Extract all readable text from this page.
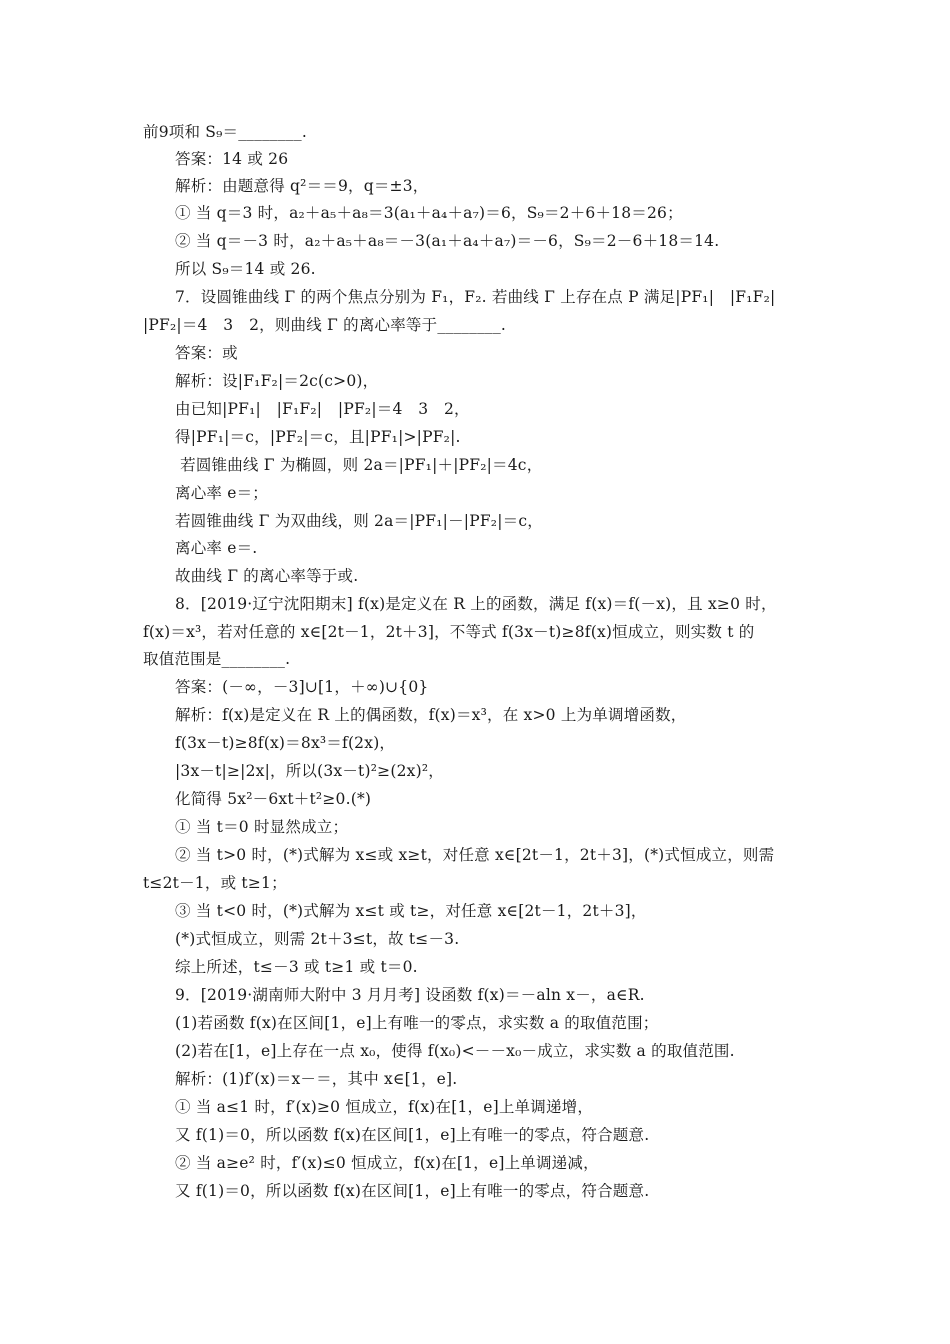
前9项和 S₉＝________.
答案：14 或 26
解析：由题意得 q²＝＝9，q＝±3，
① 当 q＝3 时，a₂＋a₅＋a₈＝3(a₁＋a₄＋a₇)＝6，S₉＝2＋6＋18＝26；
② 当 q＝－3 时，a₂＋a₅＋a₈＝－3(a₁＋a₄＋a₇)＝－6，S₉＝2－6＋18＝14.
所以 S₉＝14 或 26.
7．设圆锥曲线 Γ 的两个焦点分别为 F₁，F₂. 若曲线 Γ 上存在点 P 满足|PF₁|　|F₁F₂|
|PF₂|＝4　3　2，则曲线 Γ 的离心率等于________.
答案：或
解析：设|F₁F₂|＝2c(c>0)，
由已知|PF₁|　|F₁F₂|　|PF₂|＝4　3　2，
得|PF₁|＝c，|PF₂|＝c，且|PF₁|>|PF₂|.
若圆锥曲线 Γ 为椭圆，则 2a＝|PF₁|＋|PF₂|＝4c，
离心率 e＝；
若圆锥曲线 Γ 为双曲线，则 2a＝|PF₁|－|PF₂|＝c，
离心率 e＝.
故曲线 Γ 的离心率等于或.
8．[2019·辽宁沈阳期末] f(x)是定义在 R 上的函数，满足 f(x)＝f(－x)，且 x≥0 时，
f(x)＝x³，若对任意的 x∈[2t－1，2t＋3]，不等式 f(3x－t)≥8f(x)恒成立，则实数 t 的
取值范围是________.
答案：(－∞，－3]∪[1，＋∞)∪{0}
解析：f(x)是定义在 R 上的偶函数，f(x)＝x³，在 x>0 上为单调增函数，
f(3x－t)≥8f(x)＝8x³＝f(2x)，
|3x－t|≥|2x|，所以(3x－t)²≥(2x)²，
化简得 5x²－6xt＋t²≥0.(*)
① 当 t＝0 时显然成立；
② 当 t>0 时，(*)式解为 x≤或 x≥t，对任意 x∈[2t－1，2t＋3]，(*)式恒成立，则需
t≤2t－1，或 t≥1；
③ 当 t<0 时，(*)式解为 x≤t 或 t≥，对任意 x∈[2t－1，2t＋3]，
(*)式恒成立，则需 2t＋3≤t，故 t≤－3.
综上所述，t≤－3 或 t≥1 或 t＝0.
9．[2019·湖南师大附中 3 月月考] 设函数 f(x)＝－aln x－，a∈R.
(1)若函数 f(x)在区间[1，e]上有唯一的零点，求实数 a 的取值范围；
(2)若在[1，e]上存在一点 x₀，使得 f(x₀)<－－x₀－成立，求实数 a 的取值范围.
解析：(1)f′(x)＝x－＝，其中 x∈[1，e].
① 当 a≤1 时，f′(x)≥0 恒成立，f(x)在[1，e]上单调递增，
又 f(1)＝0，所以函数 f(x)在区间[1，e]上有唯一的零点，符合题意.
② 当 a≥e² 时，f′(x)≤0 恒成立，f(x)在[1，e]上单调递减，
又 f(1)＝0，所以函数 f(x)在区间[1，e]上有唯一的零点，符合题意.
